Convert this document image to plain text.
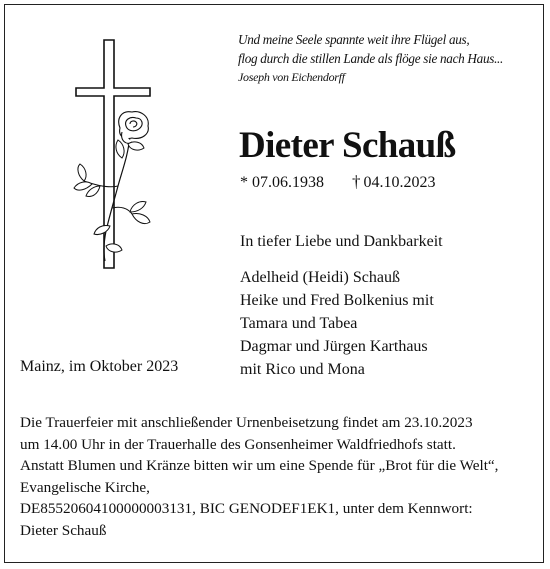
Und meine Seele spannte weit ihre Flügel aus,
flog durch die stillen Lande als flöge sie nach Haus...
Joseph von Eichendorff
Dieter Schauß
* 07.06.1938 † 04.10.2023
In tiefer Liebe und Dankbarkeit
Adelheid (Heidi) Schauß
Heike und Fred Bolkenius mit
Tamara und Tabea
Dagmar und Jürgen Karthaus
mit Rico und Mona
Mainz, im Oktober 2023
Die Trauerfeier mit anschließender Urnenbeisetzung findet am 23.10.2023
um 14.00 Uhr in der Trauerhalle des Gonsenheimer Waldfriedhofs statt.
Anstatt Blumen und Kränze bitten wir um eine Spende für „Brot für die Welt“,
Evangelische Kirche,
DE85520604100000003131, BIC GENODEF1EK1, unter dem Kennwort:
Dieter Schauß
